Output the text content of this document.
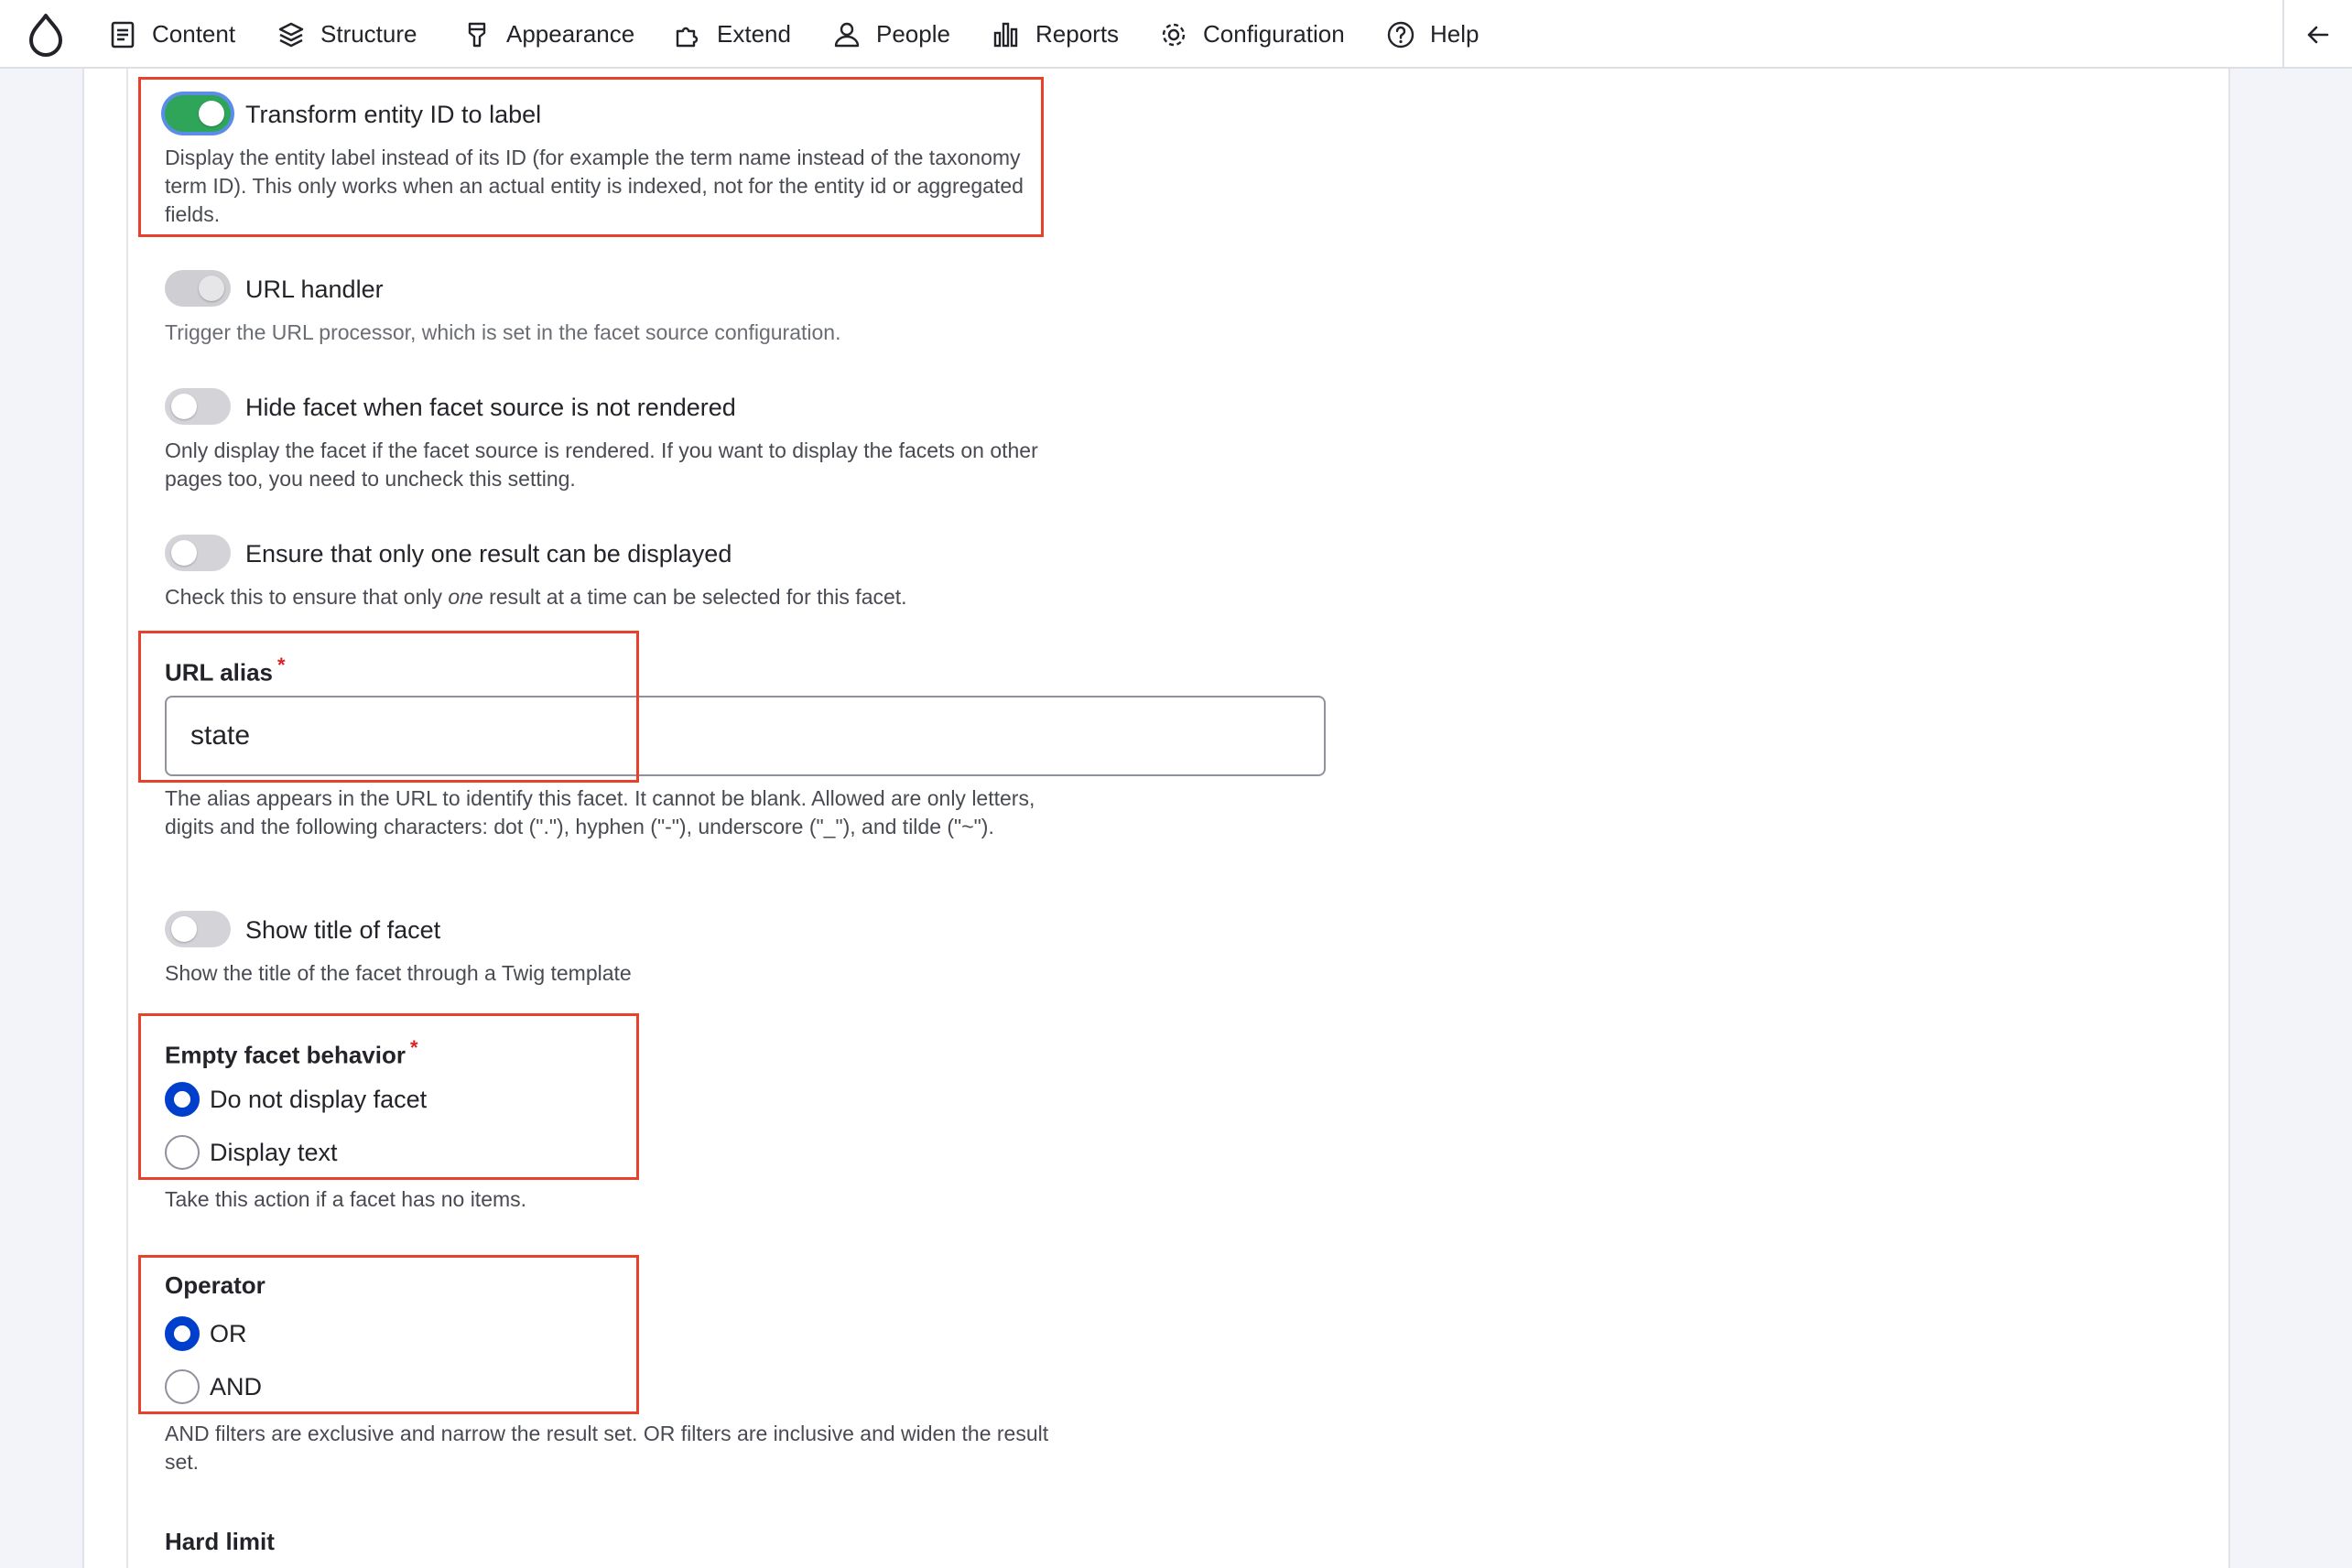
Content	Structure	Appearance	Extend	People	Reports	Configuration	Help
Transform entity ID to label
Display the entity label instead of its ID (for example the term name instead of the taxonomy term ID). This only works when an actual entity is indexed, not for the entity id or aggregated fields.
URL handler
Trigger the URL processor, which is set in the facet source configuration.
Hide facet when facet source is not rendered
Only display the facet if the facet source is rendered. If you want to display the facets on other pages too, you need to uncheck this setting.
Ensure that only one result can be displayed
Check this to ensure that only one result at a time can be selected for this facet.
URL alias *
state
The alias appears in the URL to identify this facet. It cannot be blank. Allowed are only letters, digits and the following characters: dot ("."), hyphen ("-"), underscore ("_"), and tilde ("~").
Show title of facet
Show the title of the facet through a Twig template
Empty facet behavior *
Do not display facet
Display text
Take this action if a facet has no items.
Operator
OR
AND
AND filters are exclusive and narrow the result set. OR filters are inclusive and widen the result set.
Hard limit
